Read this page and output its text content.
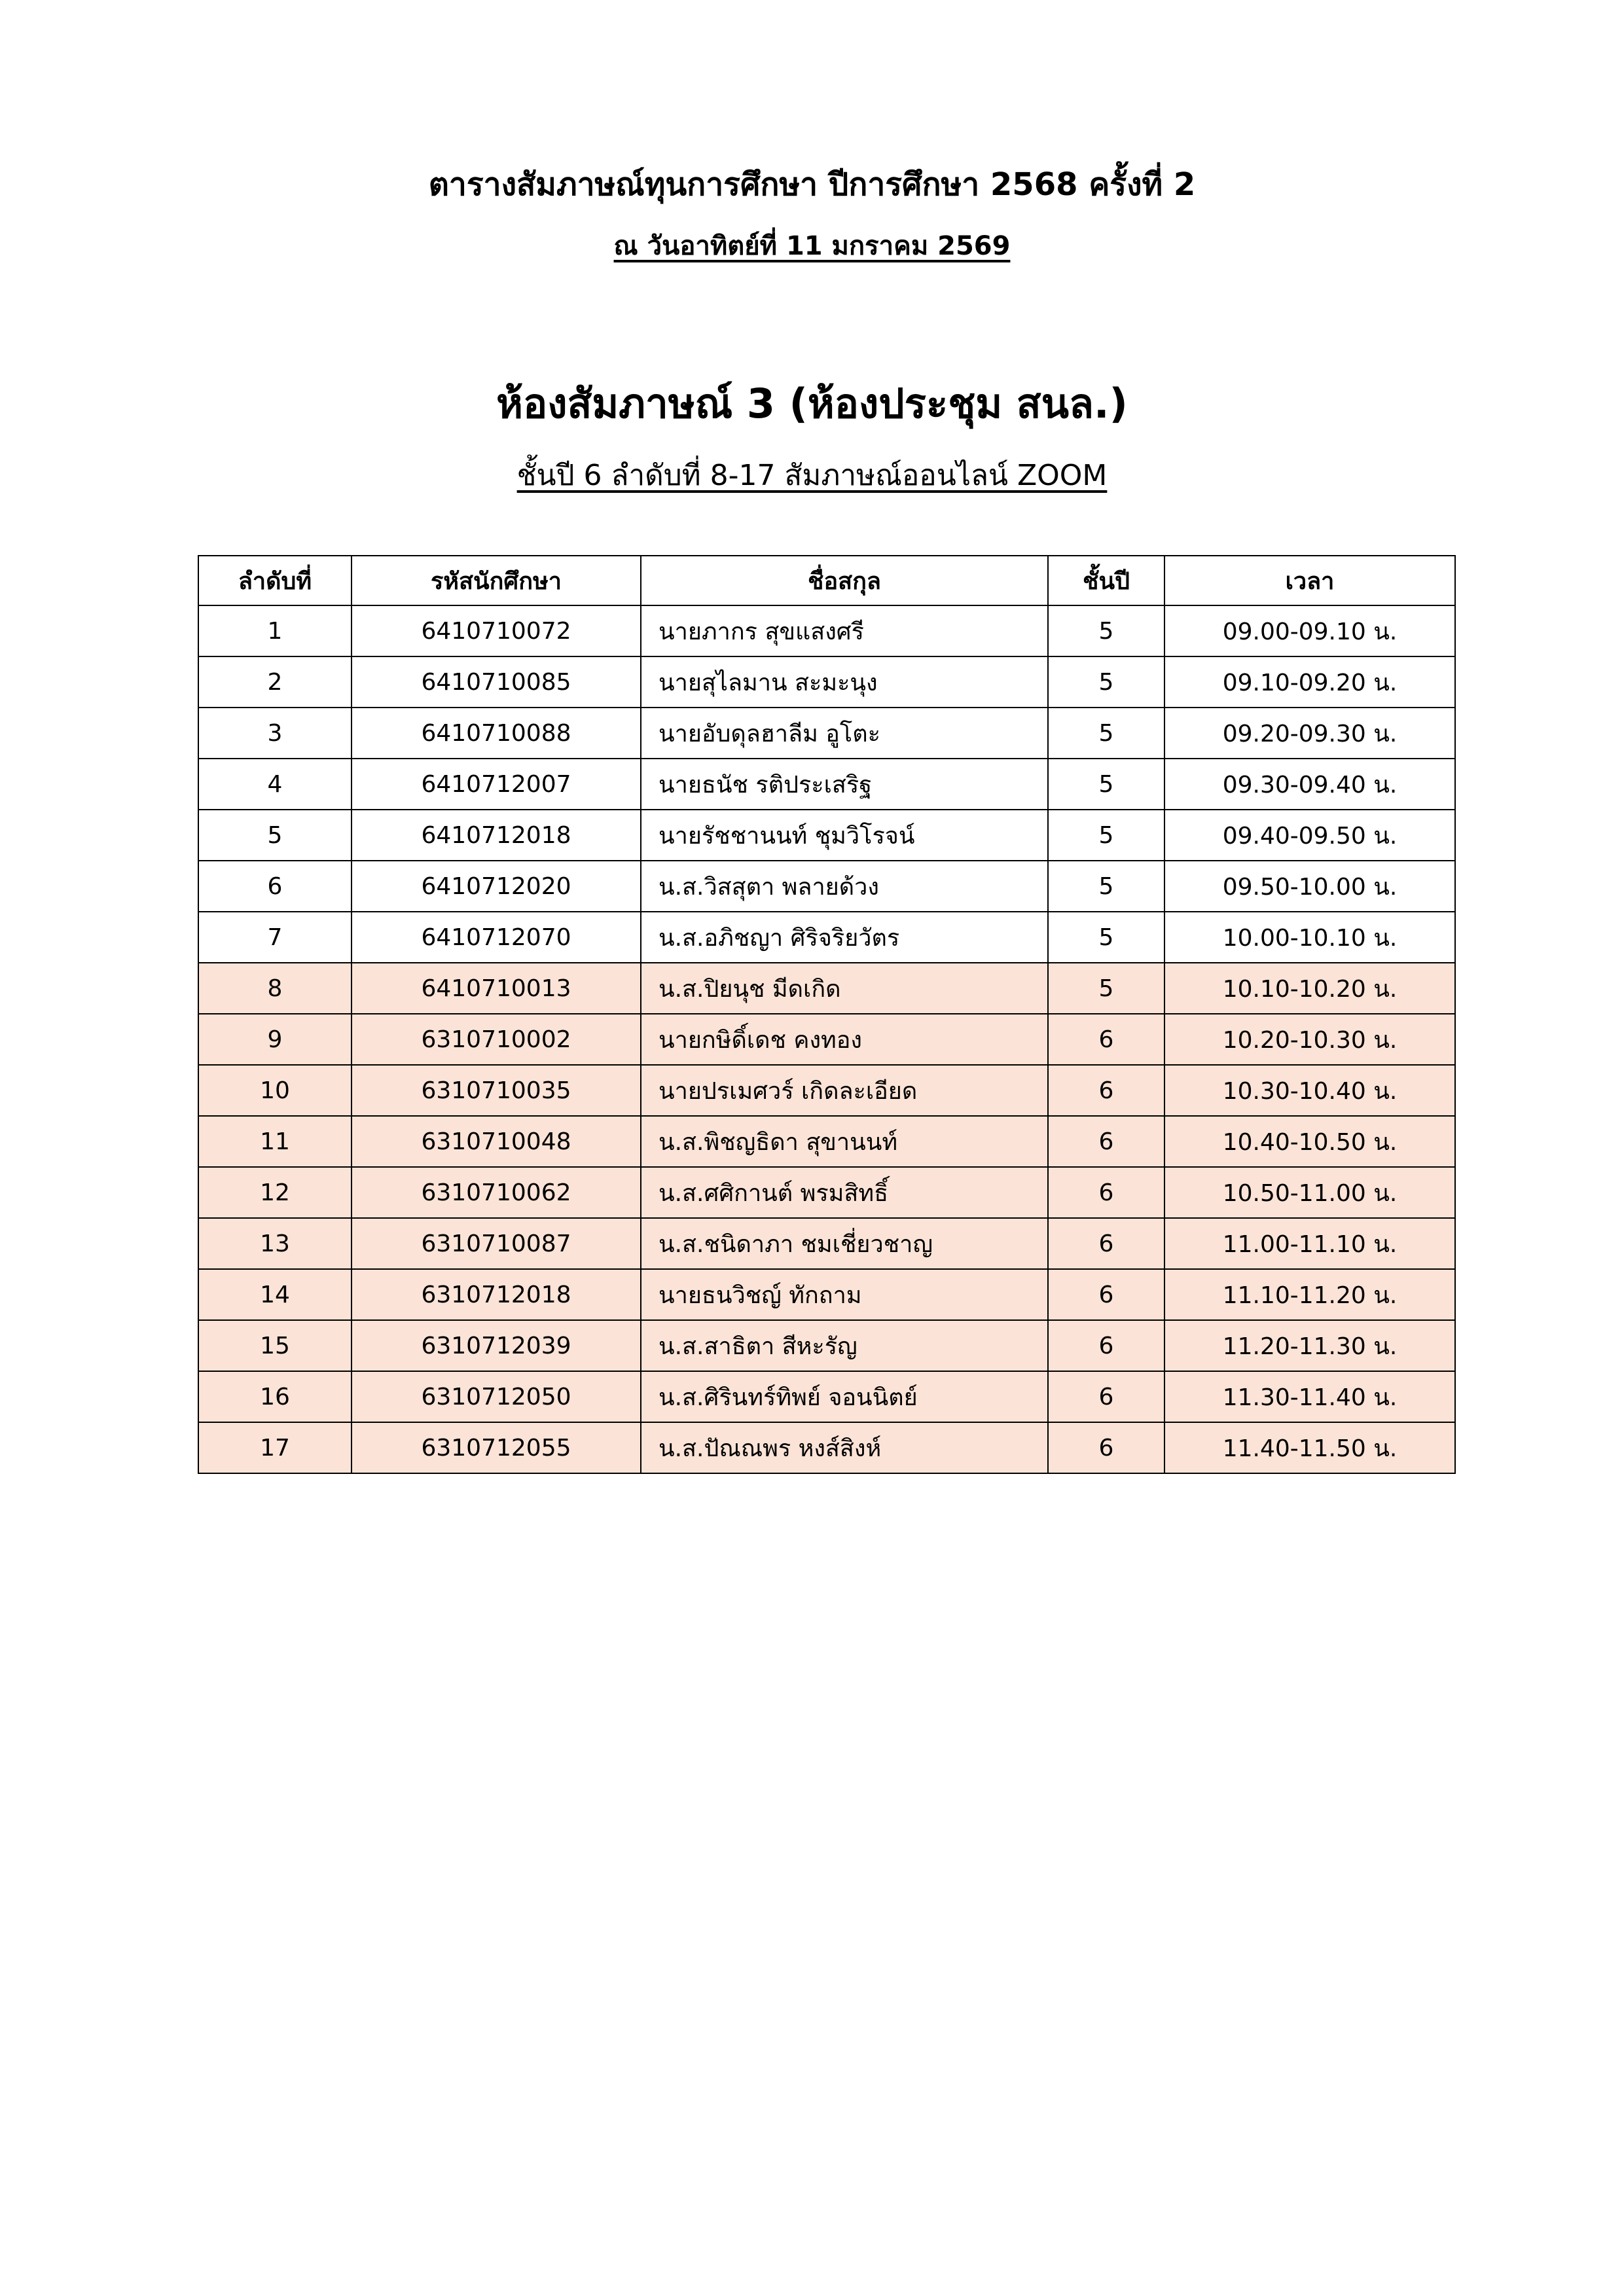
ตารางสัมภาษณ์ทุนการศึกษา ปีการศึกษา 2568 ครั้งที่ 2
ณ วันอาทิตย์ที่ 11 มกราคม 2569
ห้องสัมภาษณ์ 3 (ห้องประชุม สนล.)
ชั้นปี 6 ลำดับที่ 8-17 สัมภาษณ์ออนไลน์ ZOOM
ลำดับที่	รหัสนักศึกษา	ชื่อสกุล	ชั้นปี	เวลา
1	6410710072	นายภากร สุขแสงศรี	5	09.00-09.10 น.
2	6410710085	นายสุไลมาน สะมะนุง	5	09.10-09.20 น.
3	6410710088	นายอับดุลฮาลีม อูโตะ	5	09.20-09.30 น.
4	6410712007	นายธนัช รติประเสริฐ	5	09.30-09.40 น.
5	6410712018	นายรัชชานนท์ ชุมวิโรจน์	5	09.40-09.50 น.
6	6410712020	น.ส.วิสสุตา พลายด้วง	5	09.50-10.00 น.
7	6410712070	น.ส.อภิชญา ศิริจริยวัตร	5	10.00-10.10 น.
8	6410710013	น.ส.ปิยนุช มีดเกิด	5	10.10-10.20 น.
9	6310710002	นายกษิดิ์เดช คงทอง	6	10.20-10.30 น.
10	6310710035	นายปรเมศวร์ เกิดละเอียด	6	10.30-10.40 น.
11	6310710048	น.ส.พิชญธิดา สุขานนท์	6	10.40-10.50 น.
12	6310710062	น.ส.ศศิกานต์ พรมสิทธิ์	6	10.50-11.00 น.
13	6310710087	น.ส.ชนิดาภา ชมเชี่ยวชาญ	6	11.00-11.10 น.
14	6310712018	นายธนวิชญ์ ทักถาม	6	11.10-11.20 น.
15	6310712039	น.ส.สาธิตา สีหะรัญ	6	11.20-11.30 น.
16	6310712050	น.ส.ศิรินทร์ทิพย์ จอนนิตย์	6	11.30-11.40 น.
17	6310712055	น.ส.ปัณณพร หงส์สิงห์	6	11.40-11.50 น.
